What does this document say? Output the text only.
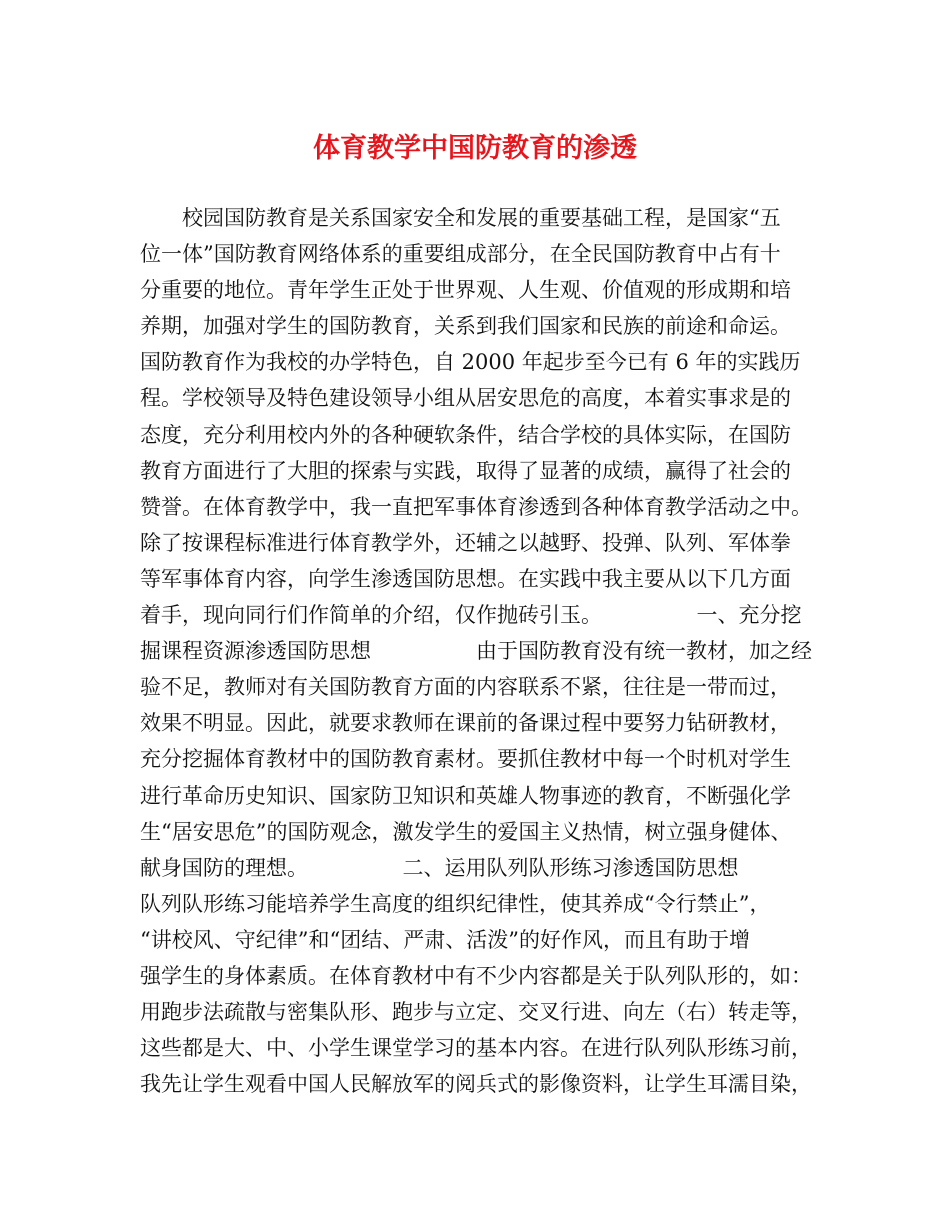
体育教学中国防教育的渗透
　　校园国防教育是关系国家安全和发展的重要基础工程，是国家“五
位一体”国防教育网络体系的重要组成部分，在全民国防教育中占有十
分重要的地位。青年学生正处于世界观、人生观、价值观的形成期和培
养期，加强对学生的国防教育，关系到我们国家和民族的前途和命运。
国防教育作为我校的办学特色，自 2000 年起步至今已有 6 年的实践历
程。学校领导及特色建设领导小组从居安思危的高度，本着实事求是的
态度，充分利用校内外的各种硬软条件，结合学校的具体实际，在国防
教育方面进行了大胆的探索与实践，取得了显著的成绩，赢得了社会的
赞誉。在体育教学中，我一直把军事体育渗透到各种体育教学活动之中。
除了按课程标准进行体育教学外，还辅之以越野、投弹、队列、军体拳
等军事体育内容，向学生渗透国防思想。在实践中我主要从以下几方面
着手，现向同行们作简单的介绍，仅作抛砖引玉。　　　　　一、充分挖
掘课程资源渗透国防思想　　　　　由于国防教育没有统一教材，加之经
验不足，教师对有关国防教育方面的内容联系不紧，往往是一带而过，
效果不明显。因此，就要求教师在课前的备课过程中要努力钻研教材，
充分挖掘体育教材中的国防教育素材。要抓住教材中每一个时机对学生
进行革命历史知识、国家防卫知识和英雄人物事迹的教育，不断强化学
生“居安思危”的国防观念，激发学生的爱国主义热情，树立强身健体、
献身国防的理想。　　　　　二、运用队列队形练习渗透国防思想
队列队形练习能培养学生高度的组织纪律性，使其养成“令行禁止”，
“讲校风、守纪律”和“团结、严肃、活泼”的好作风，而且有助于增
强学生的身体素质。在体育教材中有不少内容都是关于队列队形的，如：
用跑步法疏散与密集队形、跑步与立定、交叉行进、向左（右）转走等，
这些都是大、中、小学生课堂学习的基本内容。在进行队列队形练习前，
我先让学生观看中国人民解放军的阅兵式的影像资料，让学生耳濡目染，
